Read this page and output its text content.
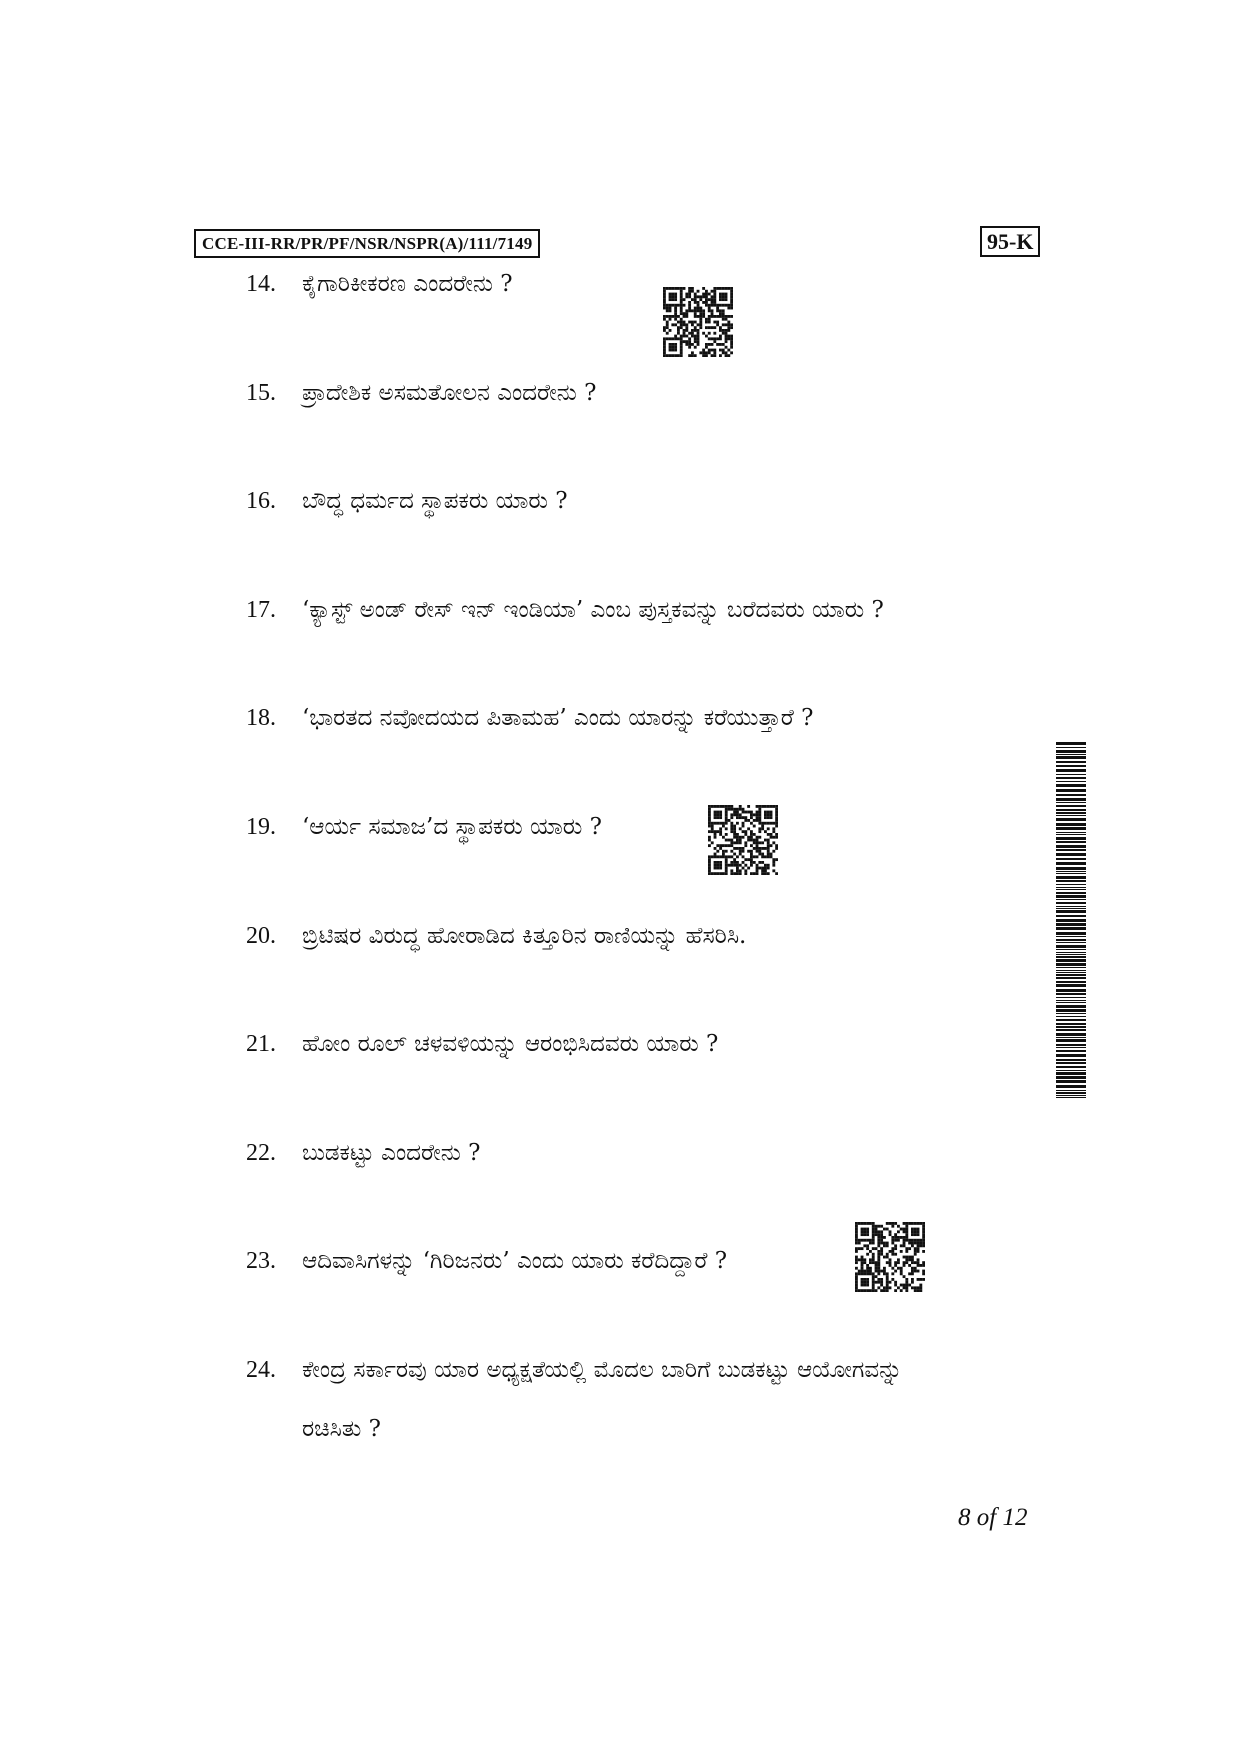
CCE-III-RR/PR/PF/NSR/NSPR(A)/111/7149	95-K
14. ಕೈಗಾರಿಕೀಕರಣ ಎಂದರೇನು ?
15. ಪ್ರಾದೇಶಿಕ ಅಸಮತೋಲನ ಎಂದರೇನು ?
16. ಬೌದ್ಧ ಧರ್ಮದ ಸ್ಥಾಪಕರು ಯಾರು ?
17. ‘ಕ್ಯಾಸ್ಟ್ ಅಂಡ್ ರೇಸ್ ಇನ್ ಇಂಡಿಯಾ’ ಎಂಬ ಪುಸ್ತಕವನ್ನು ಬರೆದವರು ಯಾರು ?
18. ‘ಭಾರತದ ನವೋದಯದ ಪಿತಾಮಹ’ ಎಂದು ಯಾರನ್ನು ಕರೆಯುತ್ತಾರೆ ?
19. ‘ಆರ್ಯ ಸಮಾಜ’ದ ಸ್ಥಾಪಕರು ಯಾರು ?
20. ಬ್ರಿಟಿಷರ ವಿರುದ್ಧ ಹೋರಾಡಿದ ಕಿತ್ತೂರಿನ ರಾಣಿಯನ್ನು ಹೆಸರಿಸಿ.
21. ಹೋಂ ರೂಲ್ ಚಳವಳಿಯನ್ನು ಆರಂಭಿಸಿದವರು ಯಾರು ?
22. ಬುಡಕಟ್ಟು ಎಂದರೇನು ?
23. ಆದಿವಾಸಿಗಳನ್ನು ‘ಗಿರಿಜನರು’ ಎಂದು ಯಾರು ಕರೆದಿದ್ದಾರೆ ?
24. ಕೇಂದ್ರ ಸರ್ಕಾರವು ಯಾರ ಅಧ್ಯಕ್ಷತೆಯಲ್ಲಿ ಮೊದಲ ಬಾರಿಗೆ ಬುಡಕಟ್ಟು ಆಯೋಗವನ್ನು
ರಚಿಸಿತು ?
8 of 12
